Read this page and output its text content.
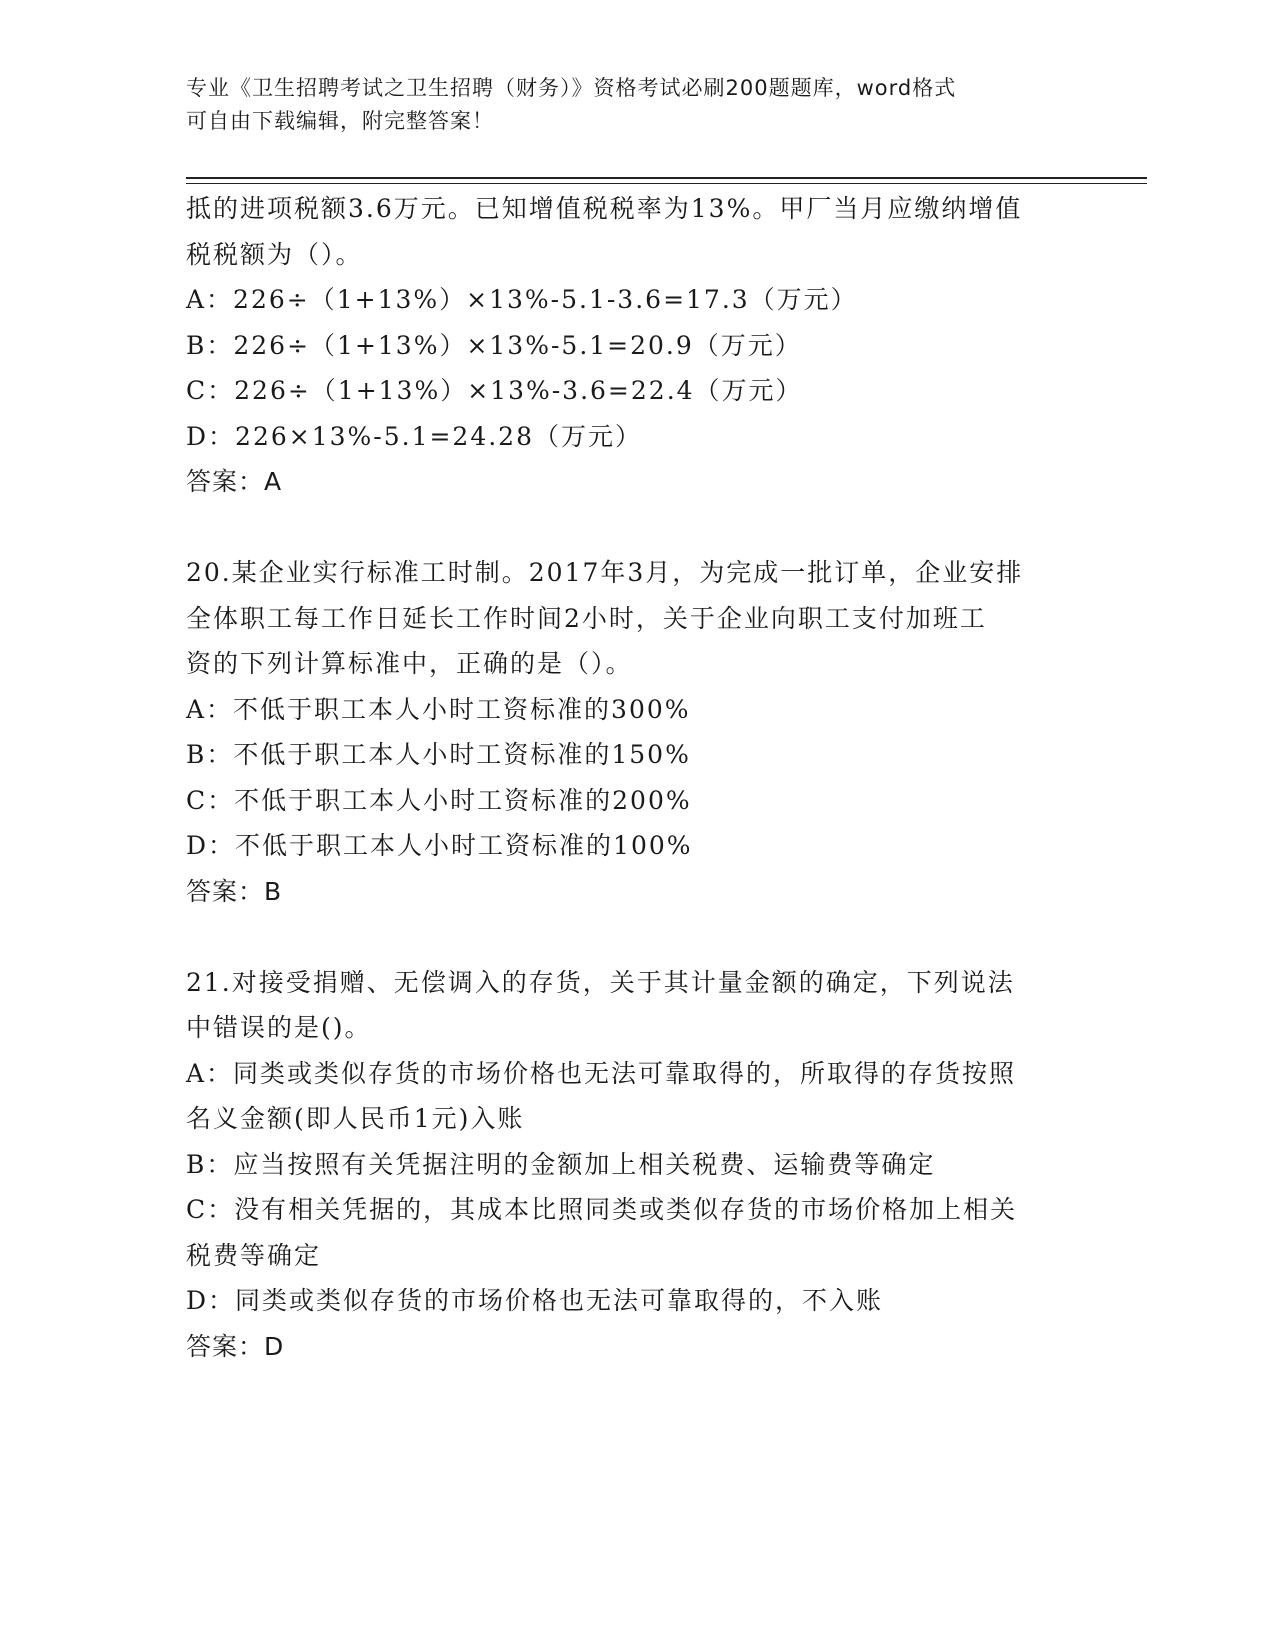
专业《卫生招聘考试之卫生招聘（财务）》资格考试必刷200题题库，word格式
可自由下载编辑，附完整答案！
抵的进项税额3.6万元。已知增值税税率为13%。甲厂当月应缴纳增值
税税额为（）。
A：226÷（1+13%）×13%-5.1-3.6=17.3（万元）
B：226÷（1+13%）×13%-5.1=20.9（万元）
C：226÷（1+13%）×13%-3.6=22.4（万元）
D：226×13%-5.1=24.28（万元）
答案：A
20.某企业实行标准工时制。2017年3月，为完成一批订单，企业安排
全体职工每工作日延长工作时间2小时，关于企业向职工支付加班工
资的下列计算标准中，正确的是（）。
A：不低于职工本人小时工资标准的300%
B：不低于职工本人小时工资标准的150%
C：不低于职工本人小时工资标准的200%
D：不低于职工本人小时工资标准的100%
答案：B
21.对接受捐赠、无偿调入的存货，关于其计量金额的确定，下列说法
中错误的是()。
A：同类或类似存货的市场价格也无法可靠取得的，所取得的存货按照
名义金额(即人民币1元)入账
B：应当按照有关凭据注明的金额加上相关税费、运输费等确定
C：没有相关凭据的，其成本比照同类或类似存货的市场价格加上相关
税费等确定
D：同类或类似存货的市场价格也无法可靠取得的，不入账
答案：D
